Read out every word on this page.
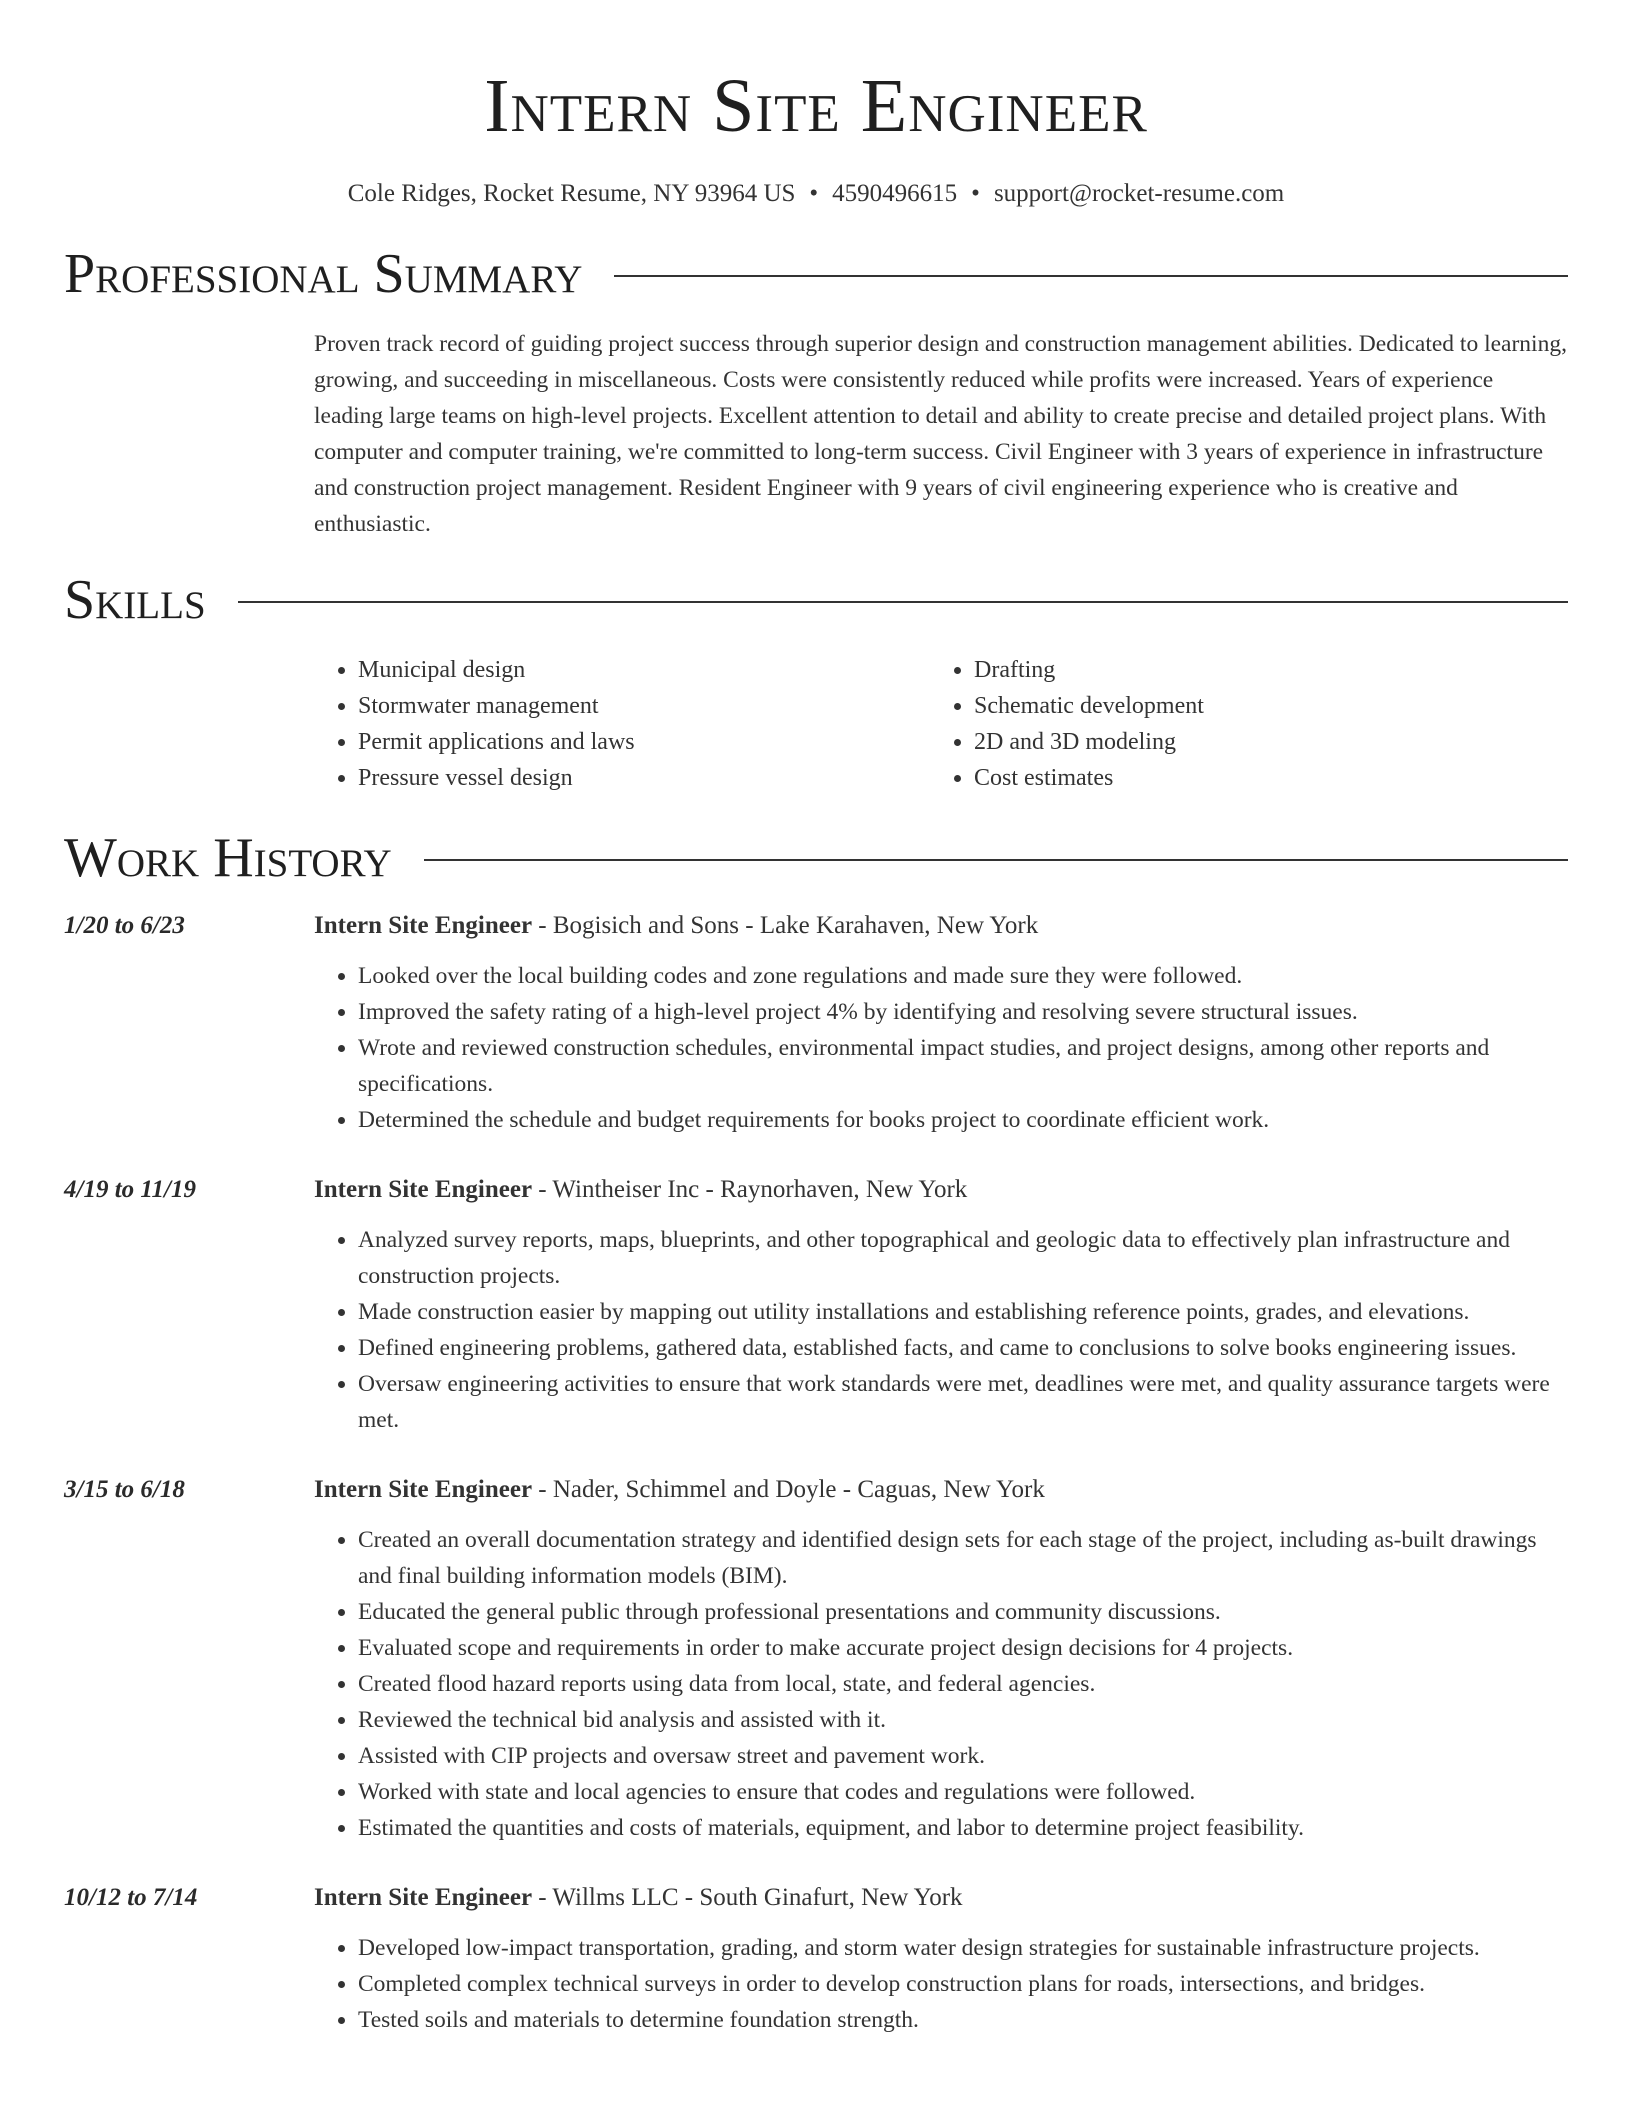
Intern Site Engineer
Cole Ridges, Rocket Resume, NY 93964 US • 4590496615 • support@rocket-resume.com
Professional Summary
Proven track record of guiding project success through superior design and construction management abilities. Dedicated to learning, growing, and succeeding in miscellaneous. Costs were consistently reduced while profits were increased. Years of experience leading large teams on high-level projects. Excellent attention to detail and ability to create precise and detailed project plans. With computer and computer training, we're committed to long-term success. Civil Engineer with 3 years of experience in infrastructure and construction project management. Resident Engineer with 9 years of civil engineering experience who is creative and enthusiastic.
Skills
• Municipal design
• Stormwater management
• Permit applications and laws
• Pressure vessel design
• Drafting
• Schematic development
• 2D and 3D modeling
• Cost estimates
Work History
1/20 to 6/23	Intern Site Engineer - Bogisich and Sons - Lake Karahaven, New York
• Looked over the local building codes and zone regulations and made sure they were followed.
• Improved the safety rating of a high-level project 4% by identifying and resolving severe structural issues.
• Wrote and reviewed construction schedules, environmental impact studies, and project designs, among other reports and specifications.
• Determined the schedule and budget requirements for books project to coordinate efficient work.
4/19 to 11/19	Intern Site Engineer - Wintheiser Inc - Raynorhaven, New York
• Analyzed survey reports, maps, blueprints, and other topographical and geologic data to effectively plan infrastructure and construction projects.
• Made construction easier by mapping out utility installations and establishing reference points, grades, and elevations.
• Defined engineering problems, gathered data, established facts, and came to conclusions to solve books engineering issues.
• Oversaw engineering activities to ensure that work standards were met, deadlines were met, and quality assurance targets were met.
3/15 to 6/18	Intern Site Engineer - Nader, Schimmel and Doyle - Caguas, New York
• Created an overall documentation strategy and identified design sets for each stage of the project, including as-built drawings and final building information models (BIM).
• Educated the general public through professional presentations and community discussions.
• Evaluated scope and requirements in order to make accurate project design decisions for 4 projects.
• Created flood hazard reports using data from local, state, and federal agencies.
• Reviewed the technical bid analysis and assisted with it.
• Assisted with CIP projects and oversaw street and pavement work.
• Worked with state and local agencies to ensure that codes and regulations were followed.
• Estimated the quantities and costs of materials, equipment, and labor to determine project feasibility.
10/12 to 7/14	Intern Site Engineer - Willms LLC - South Ginafurt, New York
• Developed low-impact transportation, grading, and storm water design strategies for sustainable infrastructure projects.
• Completed complex technical surveys in order to develop construction plans for roads, intersections, and bridges.
• Tested soils and materials to determine foundation strength.
